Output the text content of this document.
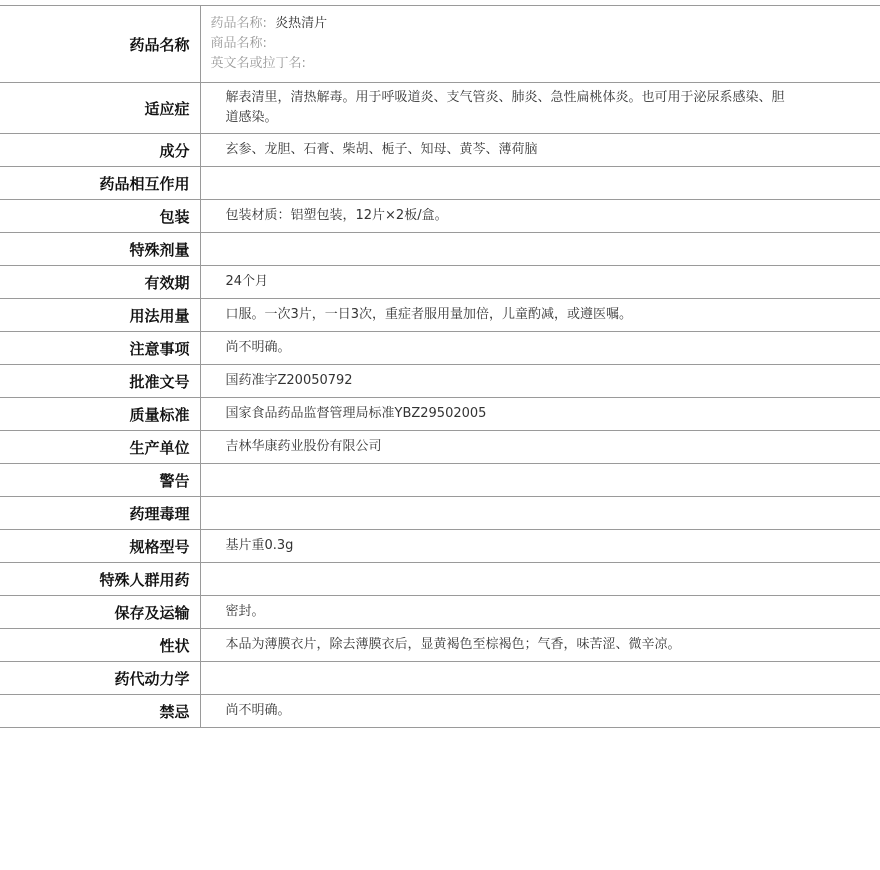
药品名称	药品名称: 炎热清片
商品名称:
英文名或拉丁名:

适应症	解表清里，清热解毒。用于呼吸道炎、支气管炎、肺炎、急性扁桃体炎。也可用于泌尿系感染、胆道感染。
成分	玄参、龙胆、石膏、柴胡、栀子、知母、黄芩、薄荷脑
药品相互作用	
包装	包装材质：铝塑包装，12片×2板/盒。
特殊剂量	
有效期	24个月
用法用量	口服。一次3片，一日3次，重症者服用量加倍，儿童酌减，或遵医嘱。
注意事项	尚不明确。
批准文号	国药准字Z20050792
质量标准	国家食品药品监督管理局标准YBZ29502005
生产单位	吉林华康药业股份有限公司
警告	
药理毒理	
规格型号	基片重0.3g
特殊人群用药	
保存及运输	密封。
性状	本品为薄膜衣片，除去薄膜衣后，显黄褐色至棕褐色；气香，味苦涩、微辛凉。
药代动力学	
禁忌	尚不明确。
